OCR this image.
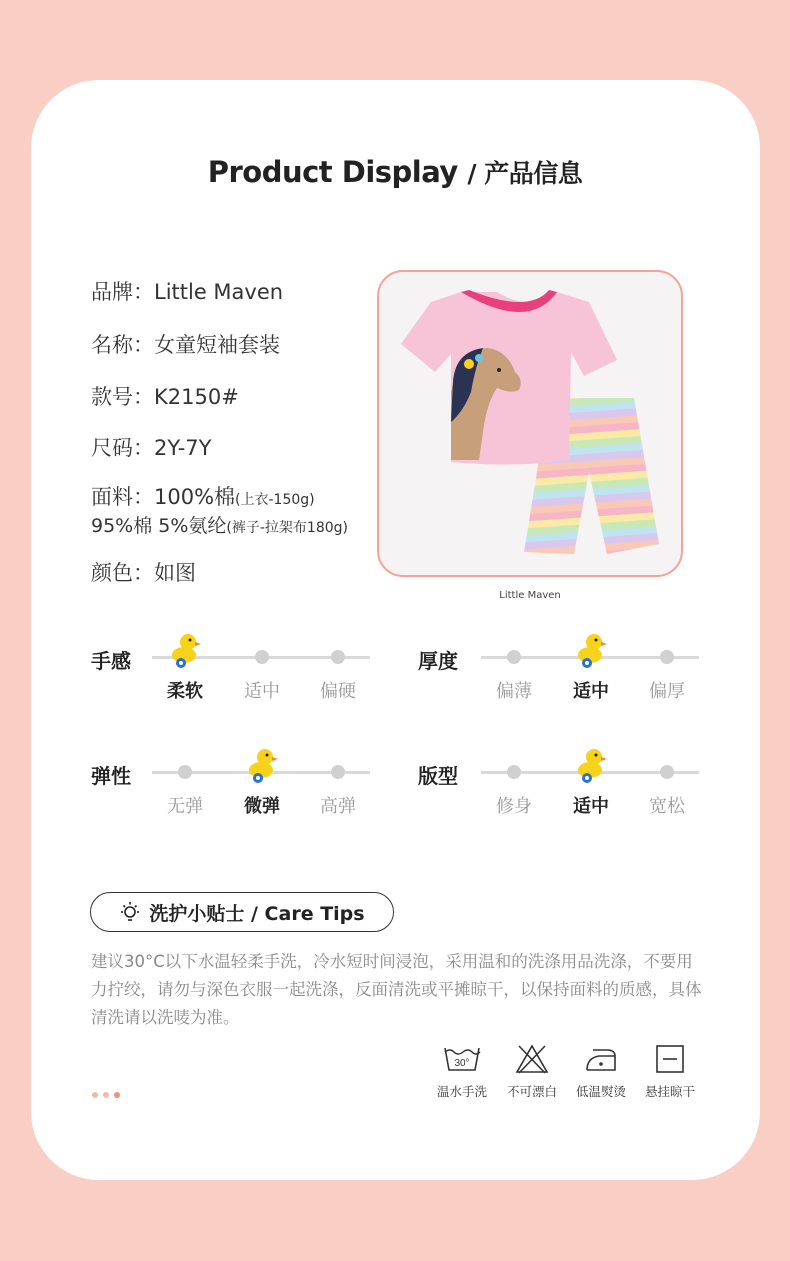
Product Display / 产品信息
品牌：Little Maven
名称：女童短袖套装
款号：K2150#
尺码：2Y-7Y
面料：100%棉(上衣-150g)
95%棉 5%氨纶(裤子-拉架布180g)
颜色：如图
Little Maven
手感
柔软	适中	偏硬
厚度
偏薄	适中	偏厚
弹性
无弹	微弹	高弹
版型
修身	适中	宽松
洗护小贴士 / Care Tips
建议30°C以下水温轻柔手洗，冷水短时间浸泡，采用温和的洗涤用品洗涤，不要用力拧绞，请勿与深色衣服一起洗涤，反面清洗或平摊晾干，以保持面料的质感，具体清洗请以洗唛为准。
30°
温水手洗	不可漂白	低温熨烫	悬挂晾干
